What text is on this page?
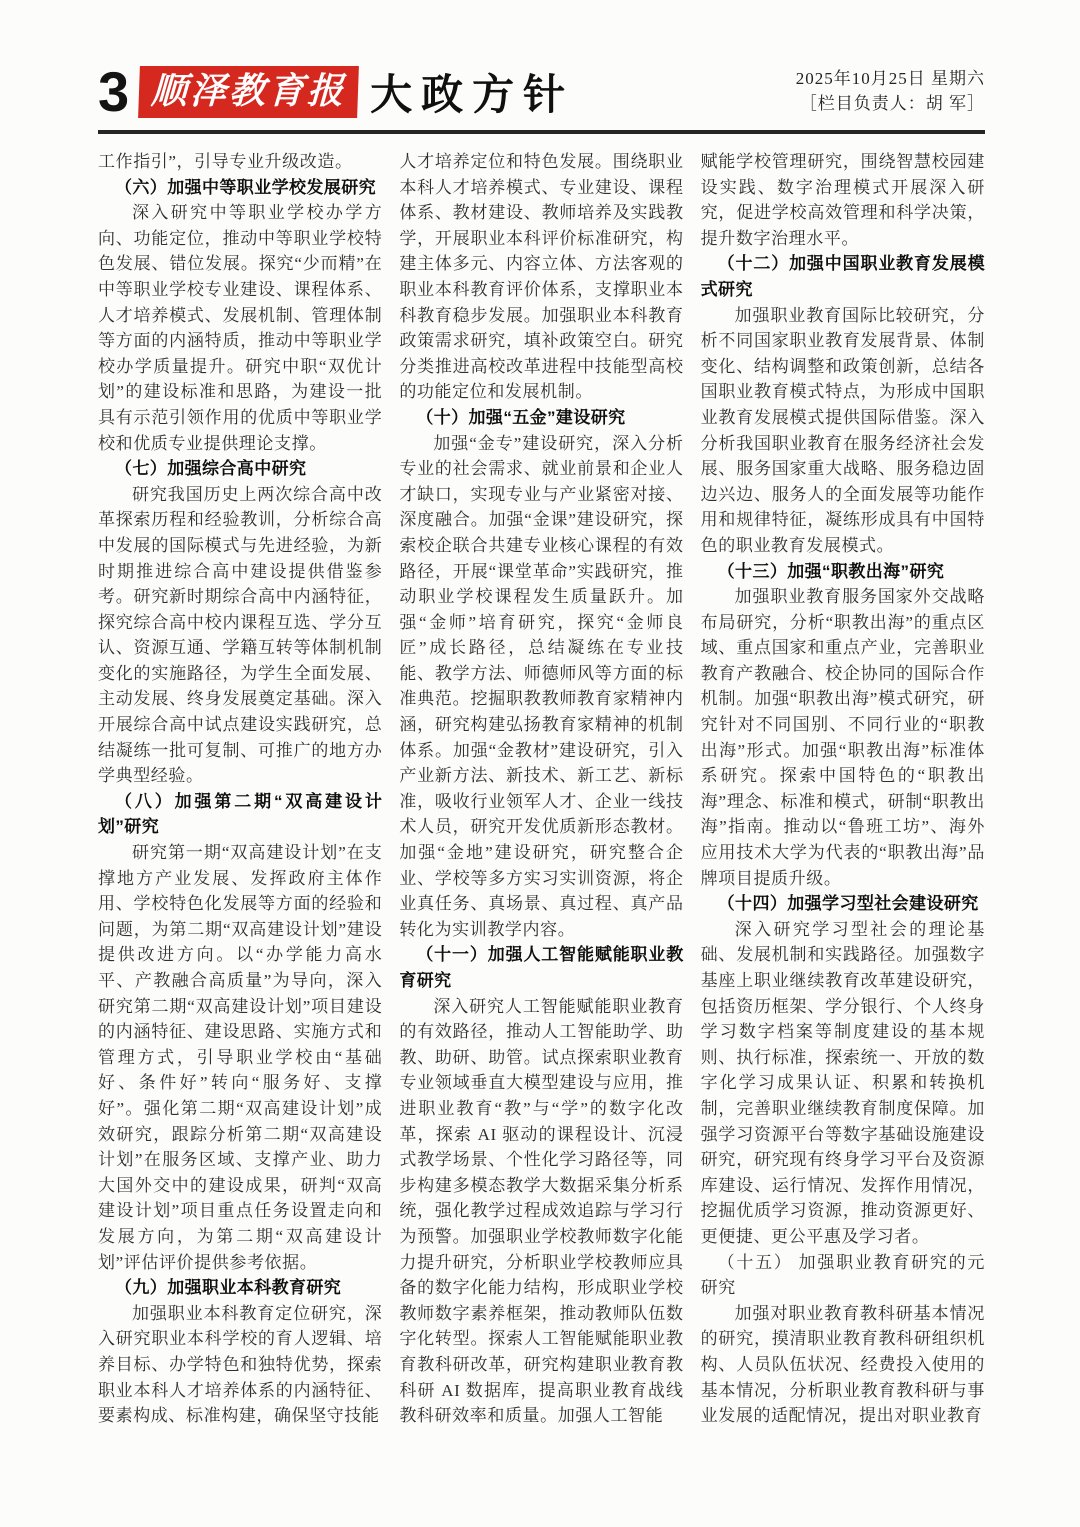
3 顺泽教育报 大政方针	2025年10月25日 星期六
［栏目负责人：胡 军］

工作指引”，引导专业升级改造。

（六）加强中等职业学校发展研究

深入研究中等职业学校办学方向、功能定位，推动中等职业学校特色发展、错位发展。探究“少而精”在中等职业学校专业建设、课程体系、人才培养模式、发展机制、管理体制等方面的内涵特质，推动中等职业学校办学质量提升。研究中职“双优计划”的建设标准和思路，为建设一批具有示范引领作用的优质中等职业学校和优质专业提供理论支撑。

（七）加强综合高中研究

研究我国历史上两次综合高中改革探索历程和经验教训，分析综合高中发展的国际模式与先进经验，为新时期推进综合高中建设提供借鉴参考。研究新时期综合高中内涵特征，探究综合高中校内课程互选、学分互认、资源互通、学籍互转等体制机制变化的实施路径，为学生全面发展、主动发展、终身发展奠定基础。深入开展综合高中试点建设实践研究，总结凝练一批可复制、可推广的地方办学典型经验。

（八）加强第二期“双高建设计划”研究

研究第一期“双高建设计划”在支撑地方产业发展、发挥政府主体作用、学校特色化发展等方面的经验和问题，为第二期“双高建设计划”建设提供改进方向。以“办学能力高水平、产教融合高质量”为导向，深入研究第二期“双高建设计划”项目建设的内涵特征、建设思路、实施方式和管理方式，引导职业学校由“基础好、条件好”转向“服务好、支撑好”。强化第二期“双高建设计划”成效研究，跟踪分析第二期“双高建设计划”在服务区域、支撑产业、助力大国外交中的建设成果，研判“双高建设计划”项目重点任务设置走向和发展方向，为第二期“双高建设计划”评估评价提供参考依据。

（九）加强职业本科教育研究

加强职业本科教育定位研究，深入研究职业本科学校的育人逻辑、培养目标、办学特色和独特优势，探索职业本科人才培养体系的内涵特征、要素构成、标准构建，确保坚守技能

人才培养定位和特色发展。围绕职业本科人才培养模式、专业建设、课程体系、教材建设、教师培养及实践教学，开展职业本科评价标准研究，构建主体多元、内容立体、方法客观的职业本科教育评价体系，支撑职业本科教育稳步发展。加强职业本科教育政策需求研究，填补政策空白。研究分类推进高校改革进程中技能型高校的功能定位和发展机制。

（十）加强“五金”建设研究

加强“金专”建设研究，深入分析专业的社会需求、就业前景和企业人才缺口，实现专业与产业紧密对接、深度融合。加强“金课”建设研究，探索校企联合共建专业核心课程的有效路径，开展“课堂革命”实践研究，推动职业学校课程发生质量跃升。加强“金师”培育研究，探究“金师良匠”成长路径，总结凝练在专业技能、教学方法、师德师风等方面的标准典范。挖掘职教教师教育家精神内涵，研究构建弘扬教育家精神的机制体系。加强“金教材”建设研究，引入产业新方法、新技术、新工艺、新标准，吸收行业领军人才、企业一线技术人员，研究开发优质新形态教材。加强“金地”建设研究，研究整合企业、学校等多方实习实训资源，将企业真任务、真场景、真过程、真产品转化为实训教学内容。

（十一）加强人工智能赋能职业教育研究

深入研究人工智能赋能职业教育的有效路径，推动人工智能助学、助教、助研、助管。试点探索职业教育专业领域垂直大模型建设与应用，推进职业教育“教”与“学”的数字化改革，探索 AI 驱动的课程设计、沉浸式教学场景、个性化学习路径等，同步构建多模态教学大数据采集分析系统，强化教学过程成效追踪与学习行为预警。加强职业学校教师数字化能力提升研究，分析职业学校教师应具备的数字化能力结构，形成职业学校教师数字素养框架，推动教师队伍数字化转型。探索人工智能赋能职业教育教科研改革，研究构建职业教育教科研 AI 数据库，提高职业教育战线教科研效率和质量。加强人工智能

赋能学校管理研究，围绕智慧校园建设实践、数字治理模式开展深入研究，促进学校高效管理和科学决策，提升数字治理水平。

（十二）加强中国职业教育发展模式研究

加强职业教育国际比较研究，分析不同国家职业教育发展背景、体制变化、结构调整和政策创新，总结各国职业教育模式特点，为形成中国职业教育发展模式提供国际借鉴。深入分析我国职业教育在服务经济社会发展、服务国家重大战略、服务稳边固边兴边、服务人的全面发展等功能作用和规律特征，凝练形成具有中国特色的职业教育发展模式。

（十三）加强“职教出海”研究

加强职业教育服务国家外交战略布局研究，分析“职教出海”的重点区域、重点国家和重点产业，完善职业教育产教融合、校企协同的国际合作机制。加强“职教出海”模式研究，研究针对不同国别、不同行业的“职教出海”形式。加强“职教出海”标准体系研究。探索中国特色的“职教出海”理念、标准和模式，研制“职教出海”指南。推动以“鲁班工坊”、海外应用技术大学为代表的“职教出海”品牌项目提质升级。

（十四）加强学习型社会建设研究

深入研究学习型社会的理论基础、发展机制和实践路径。加强数字基座上职业继续教育改革建设研究，包括资历框架、学分银行、个人终身学习数字档案等制度建设的基本规则、执行标准，探索统一、开放的数字化学习成果认证、积累和转换机制，完善职业继续教育制度保障。加强学习资源平台等数字基础设施建设研究，研究现有终身学习平台及资源库建设、运行情况、发挥作用情况，挖掘优质学习资源，推动资源更好、更便捷、更公平惠及学习者。

（十五） 加强职业教育研究的元研究

加强对职业教育教科研基本情况的研究，摸清职业教育教科研组织机构、人员队伍状况、经费投入使用的基本情况，分析职业教育教科研与事业发展的适配情况，提出对职业教育
